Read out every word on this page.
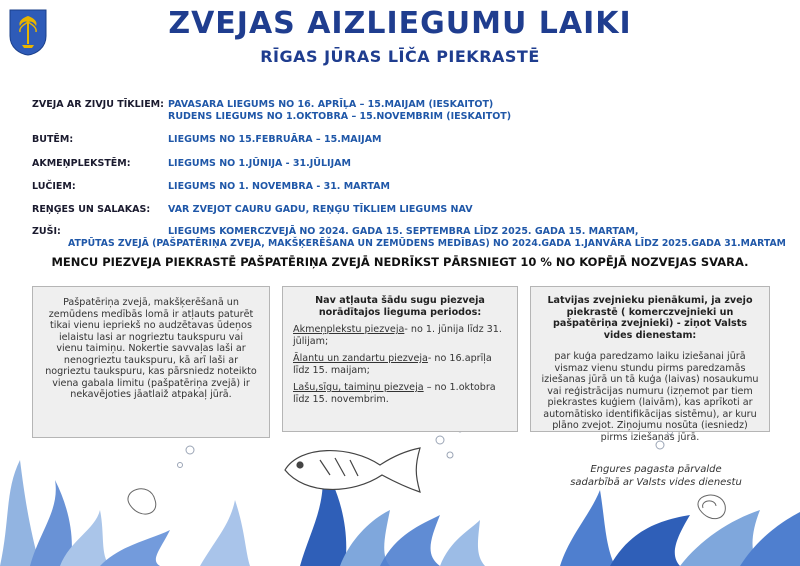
ZVEJAS AIZLIEGUMU LAIKI
RĪGAS JŪRAS LĪČA PIEKRASTĒ
ZVEJA AR ZIVJU TĪKLIEM: PAVASARA LIEGUMS NO 16. APRĪĻA – 15.MAIJAM (IESKAITOT)
RUDENS LIEGUMS NO 1.OKTOBRA – 15.NOVEMBRIM (IESKAITOT)
BUTĒM:	LIEGUMS NO 15.FEBRUĀRA – 15.MAIJAM
AKMEŅPLEKSTĒM:	LIEGUMS NO 1.JŪNIJA - 31.JŪLIJAM
LUČIEM:	LIEGUMS NO 1. NOVEMBRA - 31. MARTAM
REŅĢES UN SALAKAS: VAR ZVEJOT CAURU GADU, REŅĢU TĪKLIEM LIEGUMS NAV
ZUŠI:	LIEGUMS KOMERCZVEJĀ NO 2024. GADA 15. SEPTEMBRA LĪDZ 2025. GADA 15. MARTAM,
ATPŪTAS ZVEJĀ (PAŠPATĒRIŅA ZVEJA, MAKŠĶERĒŠANA UN ZEMŪDENS MEDĪBAS) NO 2024.GADA 1.JANVĀRA LĪDZ 2025.GADA 31.MARTAM
MENCU PIEZVEJA PIEKRASTĒ PAŠPATĒRIŅA ZVEJĀ NEDRĪKST PĀRSNIEGT 10 % NO KOPĒJĀ NOZVEJAS SVARA.
Pašpatēriņa zvejā, makšķerēšanā un zemūdens medībās lomā ir atļauts paturēt tikai vienu iepriekš no audzētavas ūdeņos ielaistu lasi ar nogrieztu taukspuru vai vienu taimiņu. Nokertie savvaļas laši ar nenogrieztu taukspuru, kā arī laši ar nogrieztu taukspuru, kas pārsniedz noteikto viena gabala limitu (pašpatēriņa zvejā) ir nekavējoties jāatlaiž atpakaļ jūrā.
Nav atļauta šādu sugu piezveja norādītajos lieguma periodos:

Akmeņplekstu piezveja- no 1. jūnija līdz 31. jūlijam;

Ālantu un zandartu piezveja- no 16.aprīļa līdz 15. maijam;

Lašu,sīgu, taimiņu piezveja – no 1.oktobra līdz 15. novembrim.

Latvijas zvejnieku pienākumi, ja zvejo piekrastē ( komerczvejnieki un pašpatēriņa zvejnieki) - ziņot Valsts vides dienestam:

par kuģa paredzamo laiku iziešanai jūrā vismaz vienu stundu pirms paredzamās iziešanas jūrā un tā kuģa (laivas) nosaukumu vai reģistrācijas numuru (izņemot par tiem piekrastes kuģiem (laivām), kas aprīkoti ar automātisko identifikācijas sistēmu), ar kuru plāno zvejot. Ziņojumu nosūta (iesniedz) pirms iziešanas jūrā.

Engures pagasta pārvalde
sadarbībā ar Valsts vides dienestu
